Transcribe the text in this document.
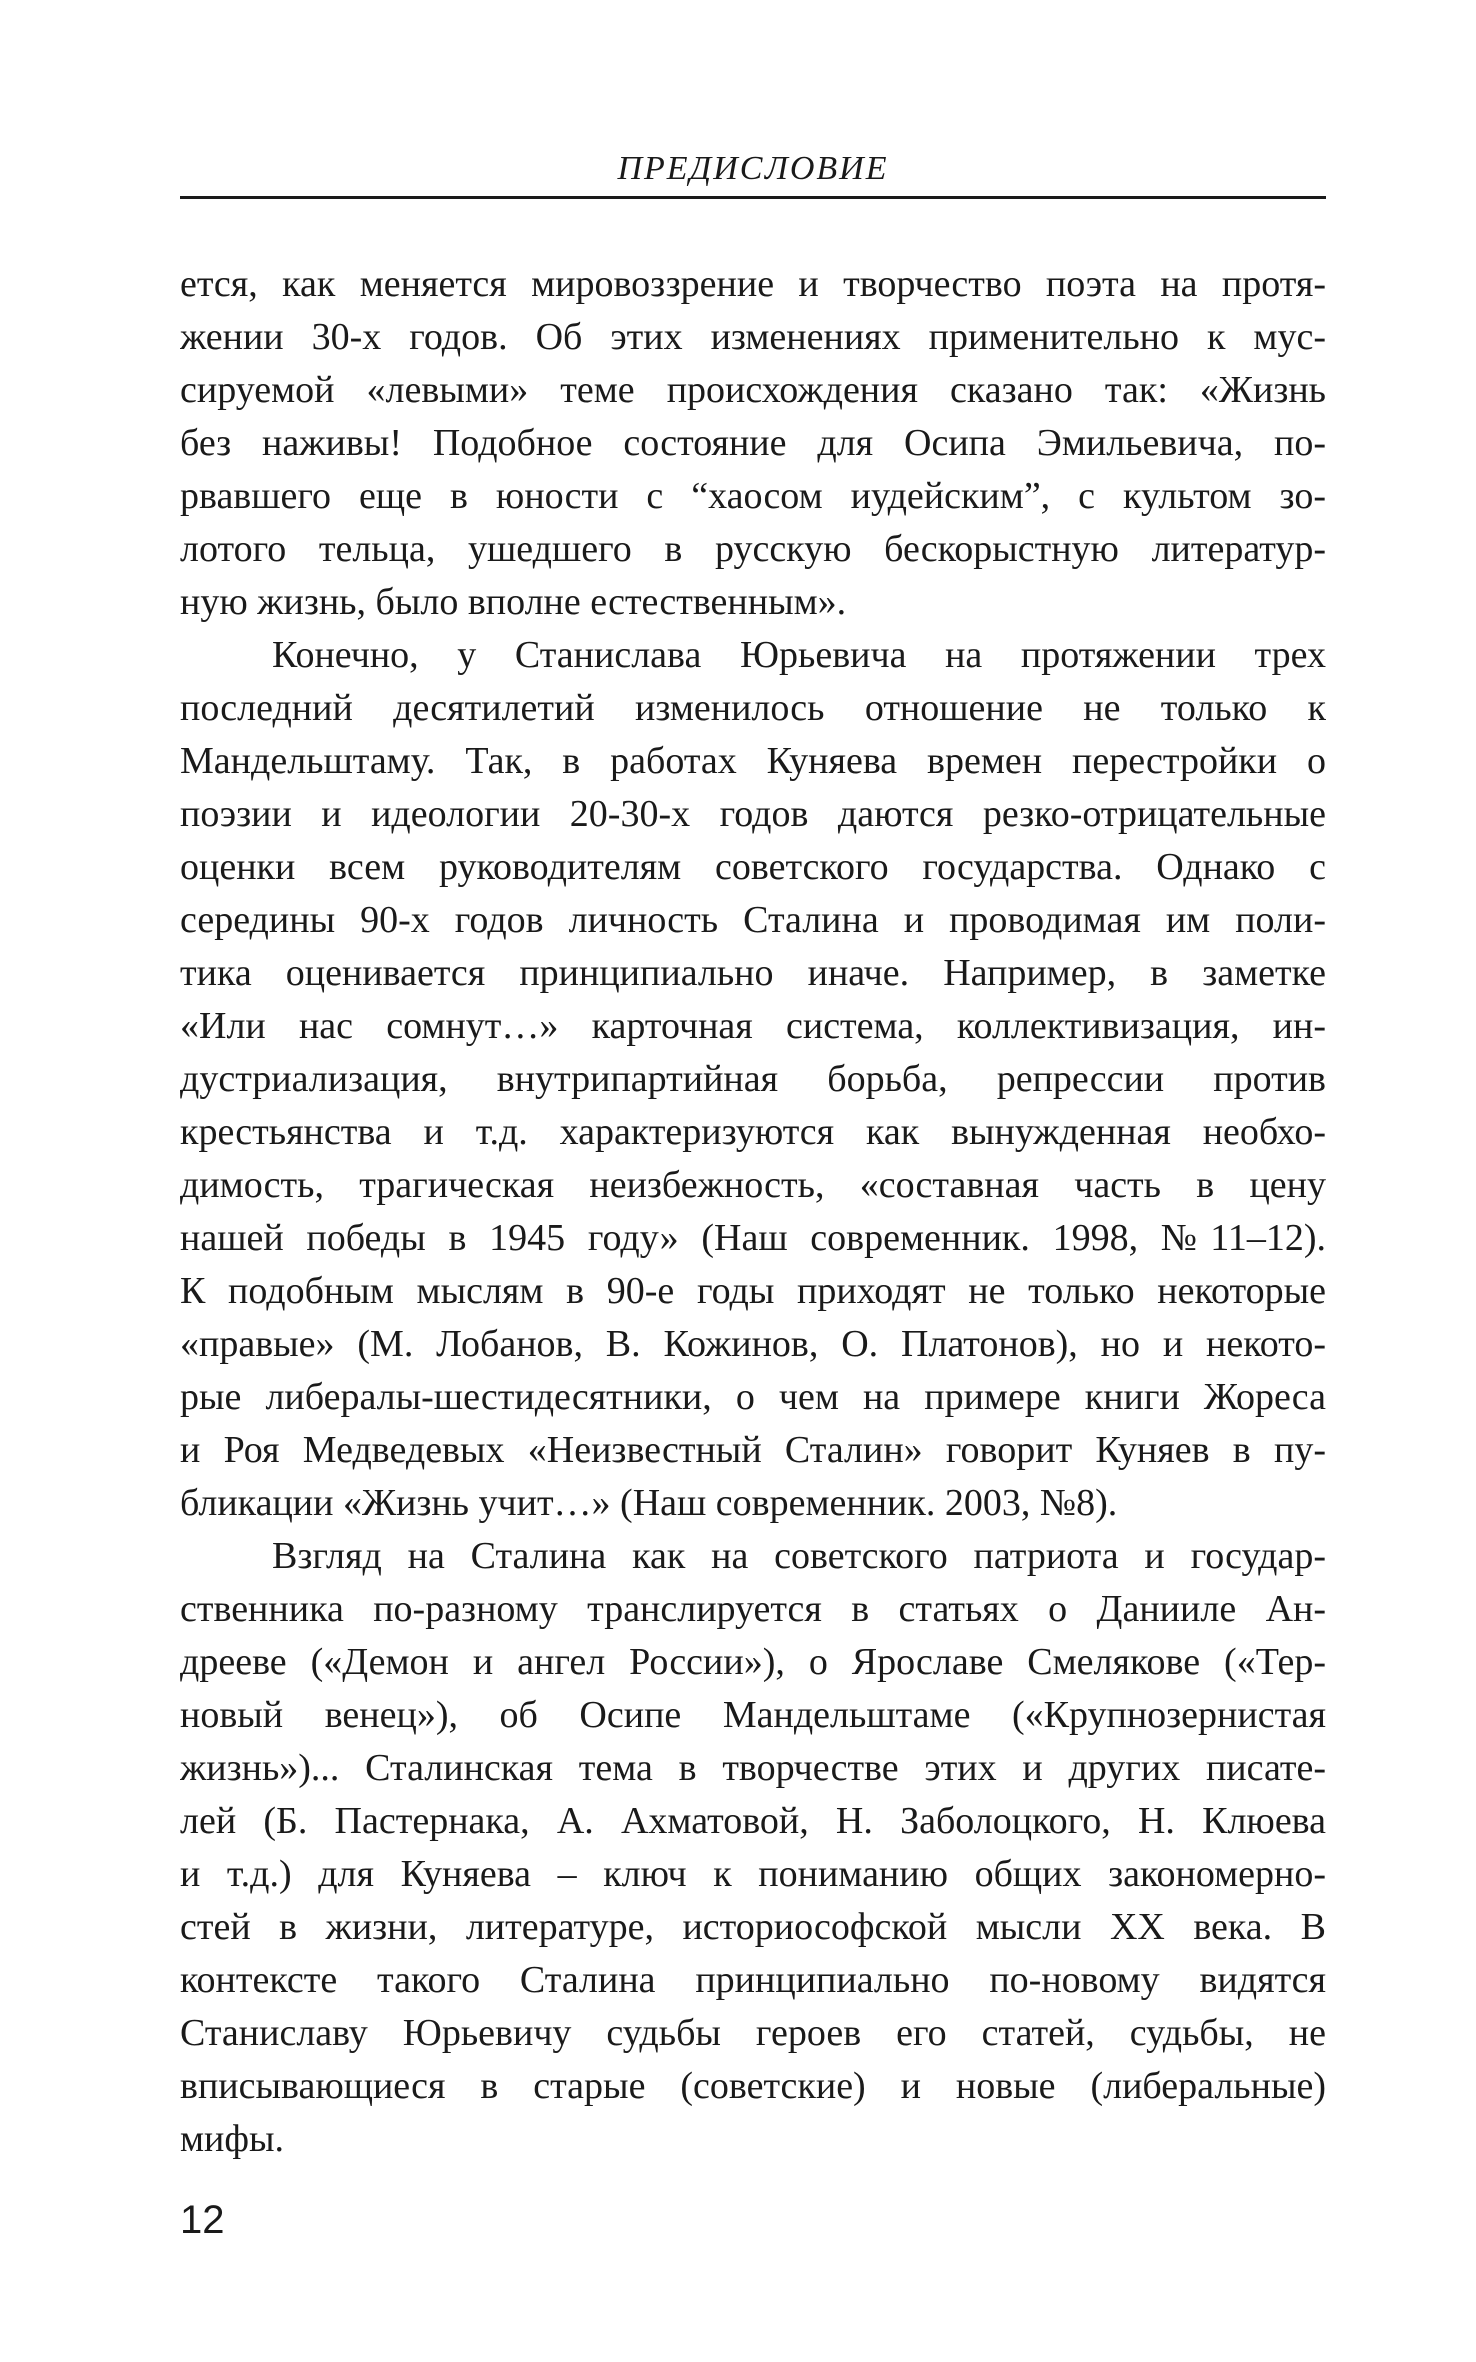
ПРЕДИСЛОВИЕ
ется, как меняется мировоззрение и творчество поэта на протя-
жении 30-х годов. Об этих изменениях применительно к мус-
сируемой «левыми» теме происхождения сказано так: «Жизнь
без наживы! Подобное состояние для Осипа Эмильевича, по-
рвавшего еще в юности с “хаосом иудейским”, с культом зо-
лотого тельца, ушедшего в русскую бескорыстную литератур-
ную жизнь, было вполне естественным».
Конечно, у Станислава Юрьевича на протяжении трех
последний десятилетий изменилось отношение не только к
Мандельштаму. Так, в работах Куняева времен перестройки о
поэзии и идеологии 20-30-х годов даются резко-отрицательные
оценки всем руководителям советского государства. Однако с
середины 90-х годов личность Сталина и проводимая им поли-
тика оценивается принципиально иначе. Например, в заметке
«Или нас сомнут…» карточная система, коллективизация, ин-
дустриализация, внутрипартийная борьба, репрессии против
крестьянства и т.д. характеризуются как вынужденная необхо-
димость, трагическая неизбежность, «составная часть в цену
нашей победы в 1945 году» (Наш современник. 1998, №11–12).
К подобным мыслям в 90-е годы приходят не только некоторые
«правые» (М. Лобанов, В. Кожинов, О. Платонов), но и некото-
рые либералы-шестидесятники, о чем на примере книги Жореса
и Роя Медведевых «Неизвестный Сталин» говорит Куняев в пу-
бликации «Жизнь учит…» (Наш современник. 2003, №8).
Взгляд на Сталина как на советского патриота и государ-
ственника по-разному транслируется в статьях о Данииле Ан-
дреeве («Демон и ангел России»), о Ярославе Смелякове («Тер-
новый венец»), об Осипе Мандельштаме («Крупнозернистая
жизнь»)... Сталинская тема в творчестве этих и других писате-
лей (Б. Пастернака, А. Ахматовой, Н. Заболоцкого, Н. Клюева
и т.д.) для Куняева – ключ к пониманию общих закономерно-
стей в жизни, литературе, историософской мысли XX века. В
контексте такого Сталина принципиально по-новому видятся
Станиславу Юрьевичу судьбы героев его статей, судьбы, не
вписывающиеся в старые (советские) и новые (либеральные)
мифы.
12
